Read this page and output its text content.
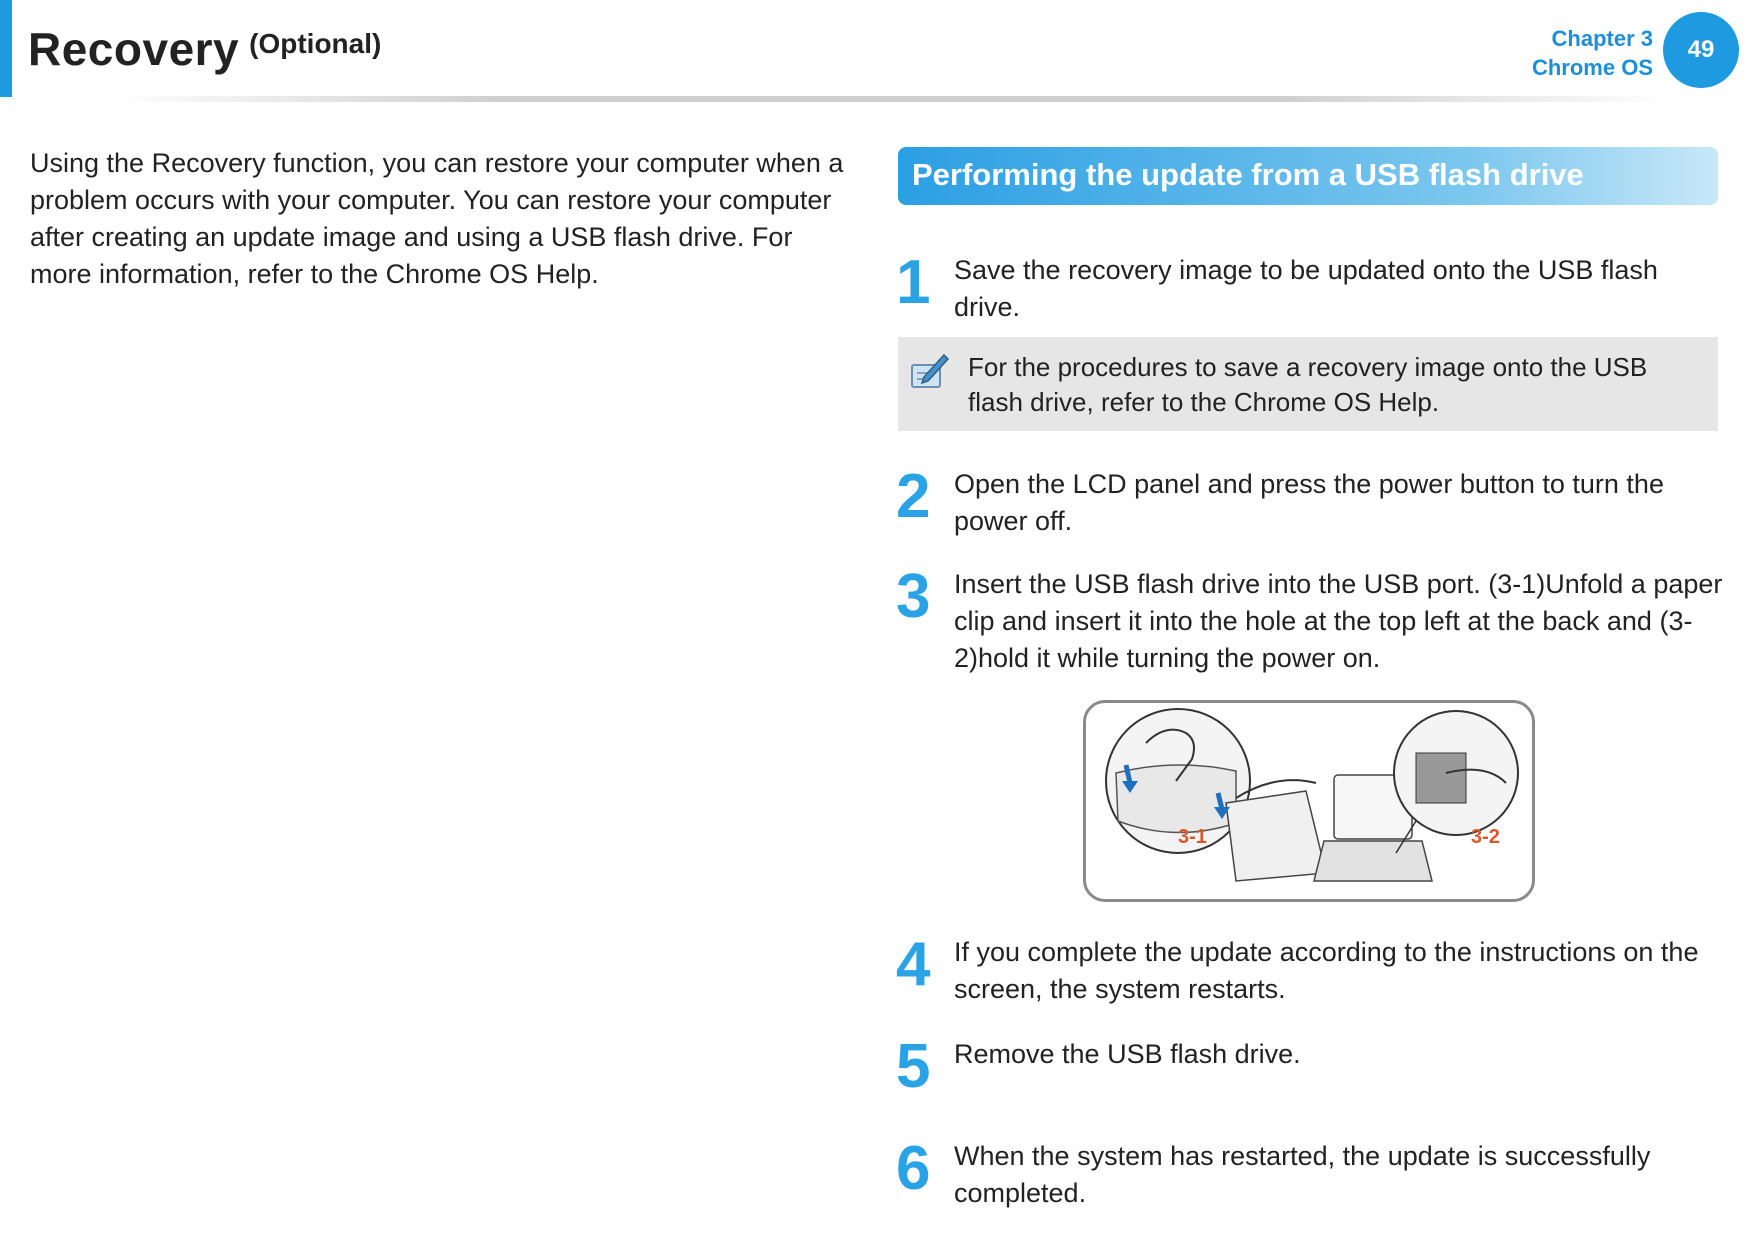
Recovery (Optional)	Chapter 3
Chrome OS
49
Using the Recovery function, you can restore your computer when a problem occurs with your computer. You can restore your computer after creating an update image and using a USB flash drive. For more information, refer to the Chrome OS Help.
Performing the update from a USB flash drive
1 Save the recovery image to be updated onto the USB flash drive.
For the procedures to save a recovery image onto the USB flash drive, refer to the Chrome OS Help.
2 Open the LCD panel and press the power button to turn the power off.
3 Insert the USB flash drive into the USB port. (3-1)Unfold a paper clip and insert it into the hole at the top left at the back and (3-2)hold it while turning the power on.
3-1	3-2
4 If you complete the update according to the instructions on the screen, the system restarts.
5 Remove the USB flash drive.
6 When the system has restarted, the update is successfully completed.
